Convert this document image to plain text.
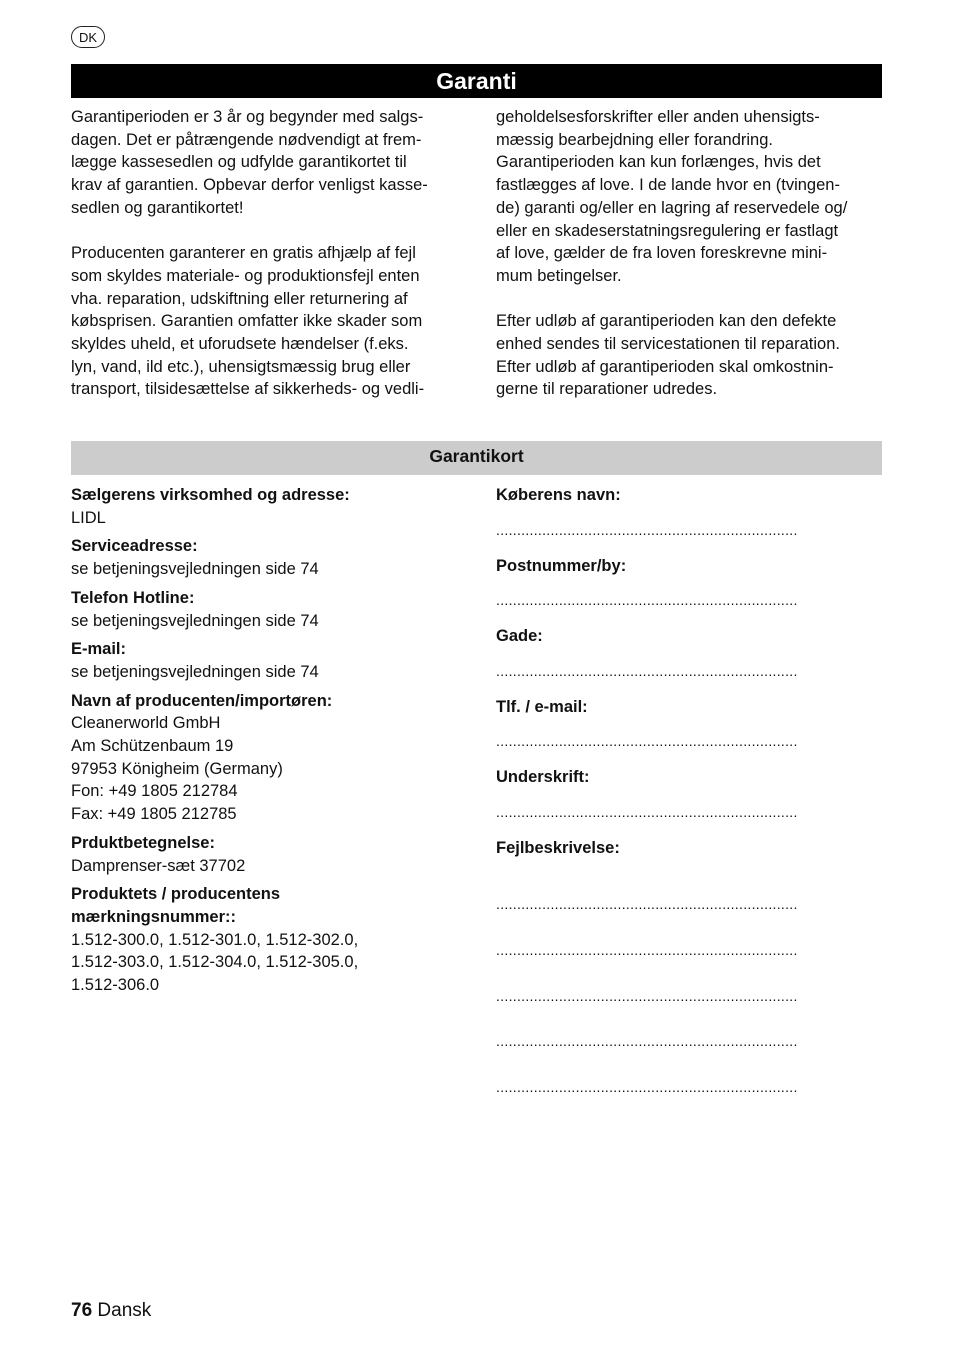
DK
Garanti

Garantiperioden er 3 år og begynder med salgs-
dagen. Det er påtrængende nødvendigt at frem-
lægge kassesedlen og udfylde garantikortet til
krav af garantien. Opbevar derfor venligst kasse-
sedlen og garantikortet!

Producenten garanterer en gratis afhjælp af fejl
som skyldes materiale- og produktionsfejl enten
vha. reparation, udskiftning eller returnering af
købsprisen. Garantien omfatter ikke skader som
skyldes uheld, et uforudsete hændelser (f.eks.
lyn, vand, ild etc.), uhensigtsmæssig brug eller
transport, tilsidesættelse af sikkerheds- og vedli-

geholdelsesforskrifter eller anden uhensigts-
mæssig bearbejdning eller forandring.
Garantiperioden kan kun forlænges, hvis det
fastlægges af love. I de lande hvor en (tvingen-
de) garanti og/eller en lagring af reservedele og/
eller en skadeserstatningsregulering er fastlagt
af love, gælder de fra loven foreskrevne mini-
mum betingelser.

Efter udløb af garantiperioden kan den defekte
enhed sendes til servicestationen til reparation.
Efter udløb af garantiperioden skal omkostnin-
gerne til reparationer udredes.

Garantikort
Sælgerens virksomhed og adresse:
LIDL
Serviceadresse:
se betjeningsvejledningen side 74
Telefon Hotline:
se betjeningsvejledningen side 74
E-mail:
se betjeningsvejledningen side 74
Navn af producenten/importøren:
Cleanerworld GmbH
Am Schützenbaum 19
97953 Königheim (Germany)
Fon: +49 1805 212784
Fax: +49 1805 212785
Prduktbetegnelse:
Damprenser-sæt 37702
Produktets / producentens
mærkningsnummer::
1.512-300.0, 1.512-301.0, 1.512-302.0,
1.512-303.0, 1.512-304.0, 1.512-305.0,
1.512-306.0
Køberens navn:
........................................................................
Postnummer/by:
........................................................................
Gade:
........................................................................
Tlf. / e-mail:
........................................................................
Underskrift:
........................................................................
Fejlbeskrivelse:
........................................................................
........................................................................
........................................................................
........................................................................
........................................................................
76 Dansk
